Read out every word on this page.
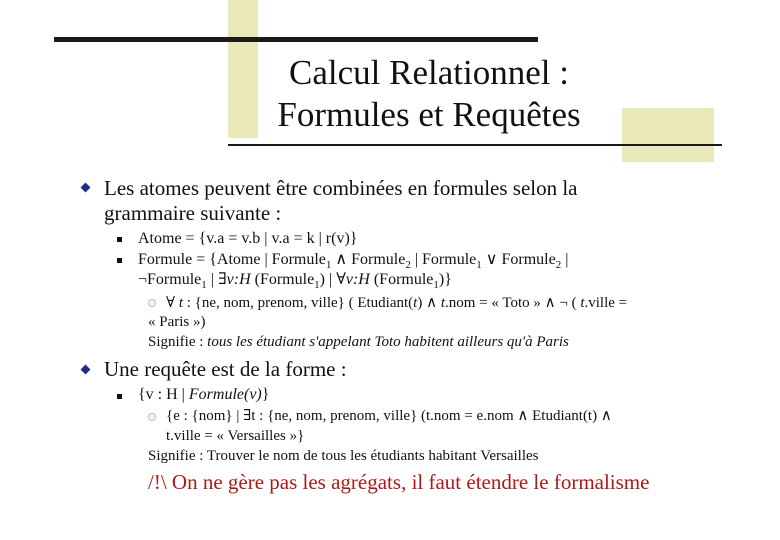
Calcul Relationnel :
Formules et Requêtes
Les atomes peuvent être combinées en formules selon la
grammaire suivante :
Atome = {v.a = v.b | v.a = k | r(v)}
Formule = {Atome | Formule$_1$ ∧ Formule$_2$ | Formule$_1$ ∨ Formule$_2$ |
¬Formule$_1$ | ∃v:H (Formule$_1$) | ∀v:H (Formule$_1$)}
∀ t : {ne, nom, prenom, ville} ( Etudiant(t) ∧ t.nom = « Toto » ∧ ¬ ( t.ville =
« Paris »)
Signifie : tous les étudiant s'appelant Toto habitent ailleurs qu'à Paris
Une requête est de la forme :
{v : H | Formule(v)}
{e : {nom} | ∃t : {ne, nom, prenom, ville} (t.nom = e.nom ∧ Etudiant(t) ∧
t.ville = « Versailles »}
Signifie : Trouver le nom de tous les étudiants habitant Versailles
/!\ On ne gère pas les agrégats, il faut étendre le formalisme
